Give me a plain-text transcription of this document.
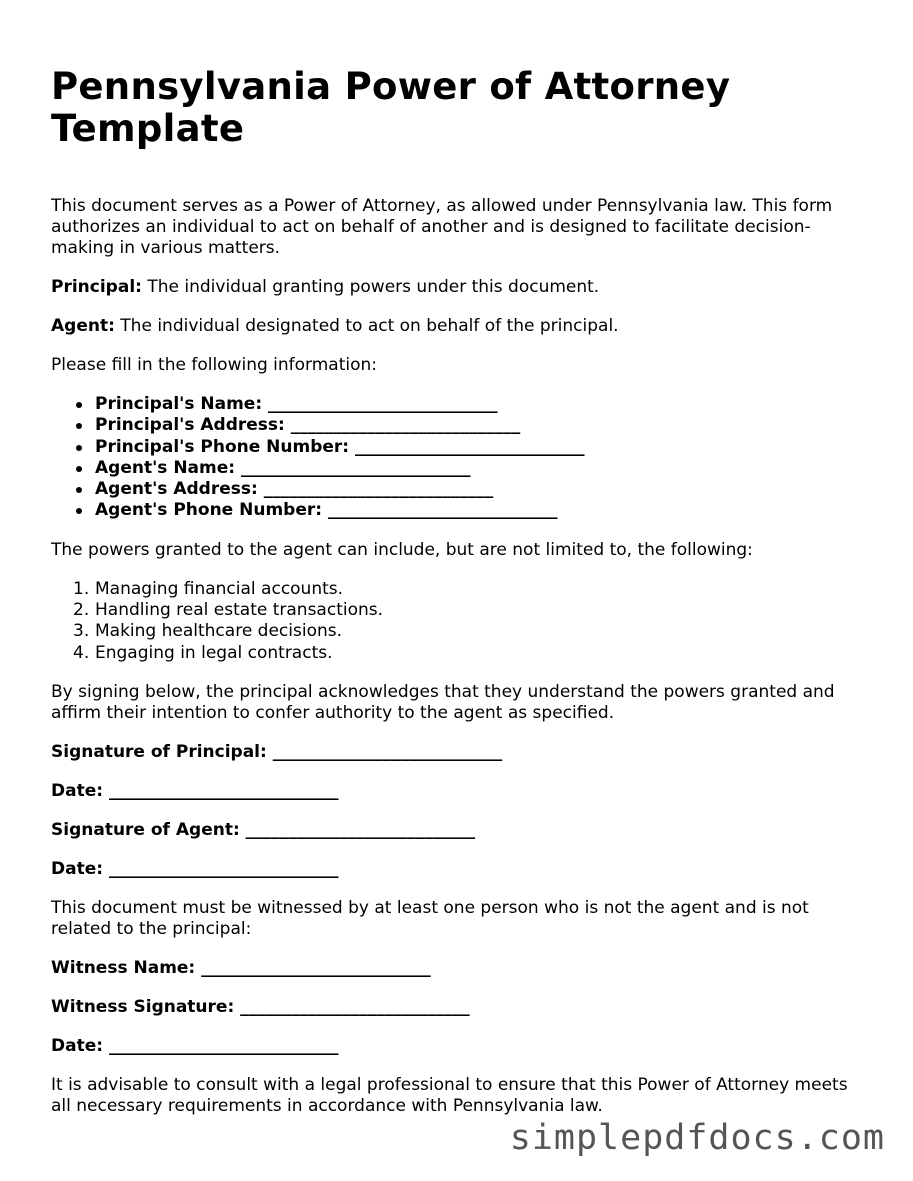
Pennsylvania Power of Attorney Template

This document serves as a Power of Attorney, as allowed under Pennsylvania law. This form authorizes an individual to act on behalf of another and is designed to facilitate decision-making in various matters.

Principal: The individual granting powers under this document.

Agent: The individual designated to act on behalf of the principal.

Please fill in the following information:

Principal's Name: ___________________________
Principal's Address: ___________________________
Principal's Phone Number: ___________________________
Agent's Name: ___________________________
Agent's Address: ___________________________
Agent's Phone Number: ___________________________

The powers granted to the agent can include, but are not limited to, the following:

1. Managing financial accounts.
2. Handling real estate transactions.
3. Making healthcare decisions.
4. Engaging in legal contracts.

By signing below, the principal acknowledges that they understand the powers granted and affirm their intention to confer authority to the agent as specified.

Signature of Principal: ___________________________

Date: ___________________________

Signature of Agent: ___________________________

Date: ___________________________

This document must be witnessed by at least one person who is not the agent and is not related to the principal:

Witness Name: ___________________________

Witness Signature: ___________________________

Date: ___________________________

It is advisable to consult with a legal professional to ensure that this Power of Attorney meets all necessary requirements in accordance with Pennsylvania law.

simplepdfdocs.com
